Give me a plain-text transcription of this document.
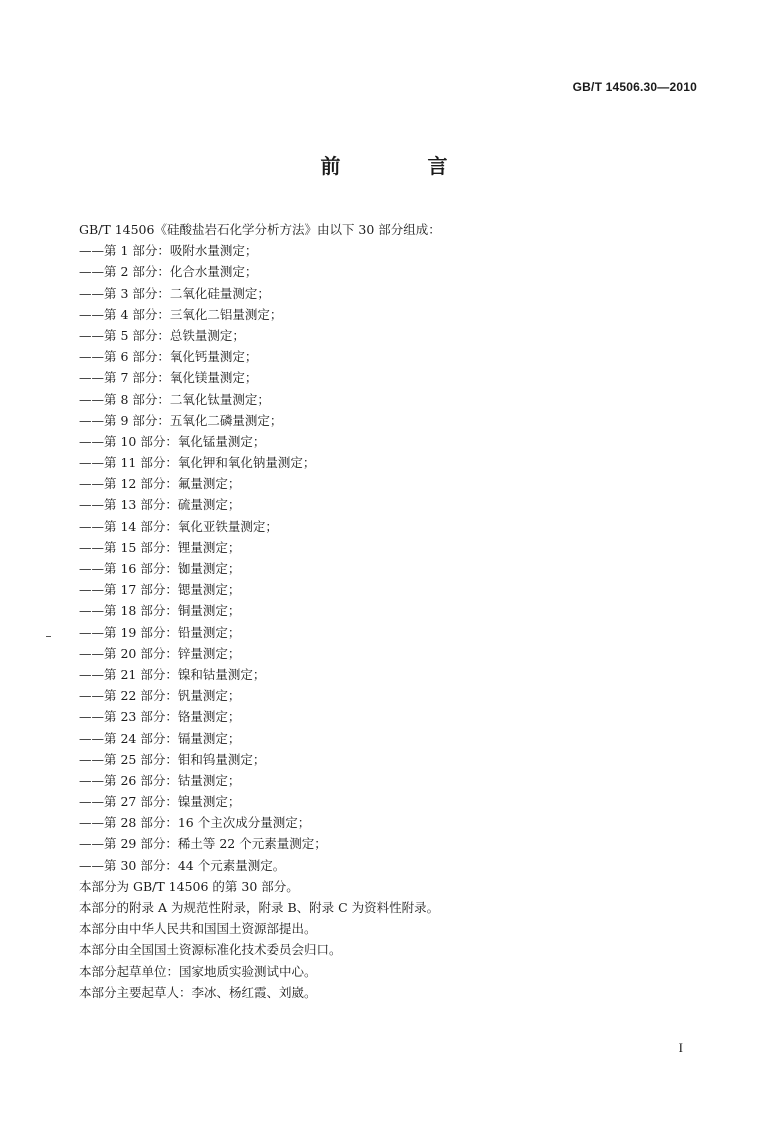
GB/T 14506.30—2010
前 言
GB/T 14506《硅酸盐岩石化学分析方法》由以下 30 部分组成：
——第 1 部分：吸附水量测定；
——第 2 部分：化合水量测定；
——第 3 部分：二氧化硅量测定；
——第 4 部分：三氧化二铝量测定；
——第 5 部分：总铁量测定；
——第 6 部分：氧化钙量测定；
——第 7 部分：氧化镁量测定；
——第 8 部分：二氧化钛量测定；
——第 9 部分：五氧化二磷量测定；
——第 10 部分：氧化锰量测定；
——第 11 部分：氧化钾和氧化钠量测定；
——第 12 部分：氟量测定；
——第 13 部分：硫量测定；
——第 14 部分：氧化亚铁量测定；
——第 15 部分：锂量测定；
——第 16 部分：铷量测定；
——第 17 部分：锶量测定；
——第 18 部分：铜量测定；
——第 19 部分：铅量测定；
——第 20 部分：锌量测定；
——第 21 部分：镍和钴量测定；
——第 22 部分：钒量测定；
——第 23 部分：铬量测定；
——第 24 部分：镉量测定；
——第 25 部分：钼和钨量测定；
——第 26 部分：钴量测定；
——第 27 部分：镍量测定；
——第 28 部分：16 个主次成分量测定；
——第 29 部分：稀土等 22 个元素量测定；
——第 30 部分：44 个元素量测定。
本部分为 GB/T 14506 的第 30 部分。
本部分的附录 A 为规范性附录，附录 B、附录 C 为资料性附录。
本部分由中华人民共和国国土资源部提出。
本部分由全国国土资源标准化技术委员会归口。
本部分起草单位：国家地质实验测试中心。
本部分主要起草人：李冰、杨红霞、刘崴。
I
